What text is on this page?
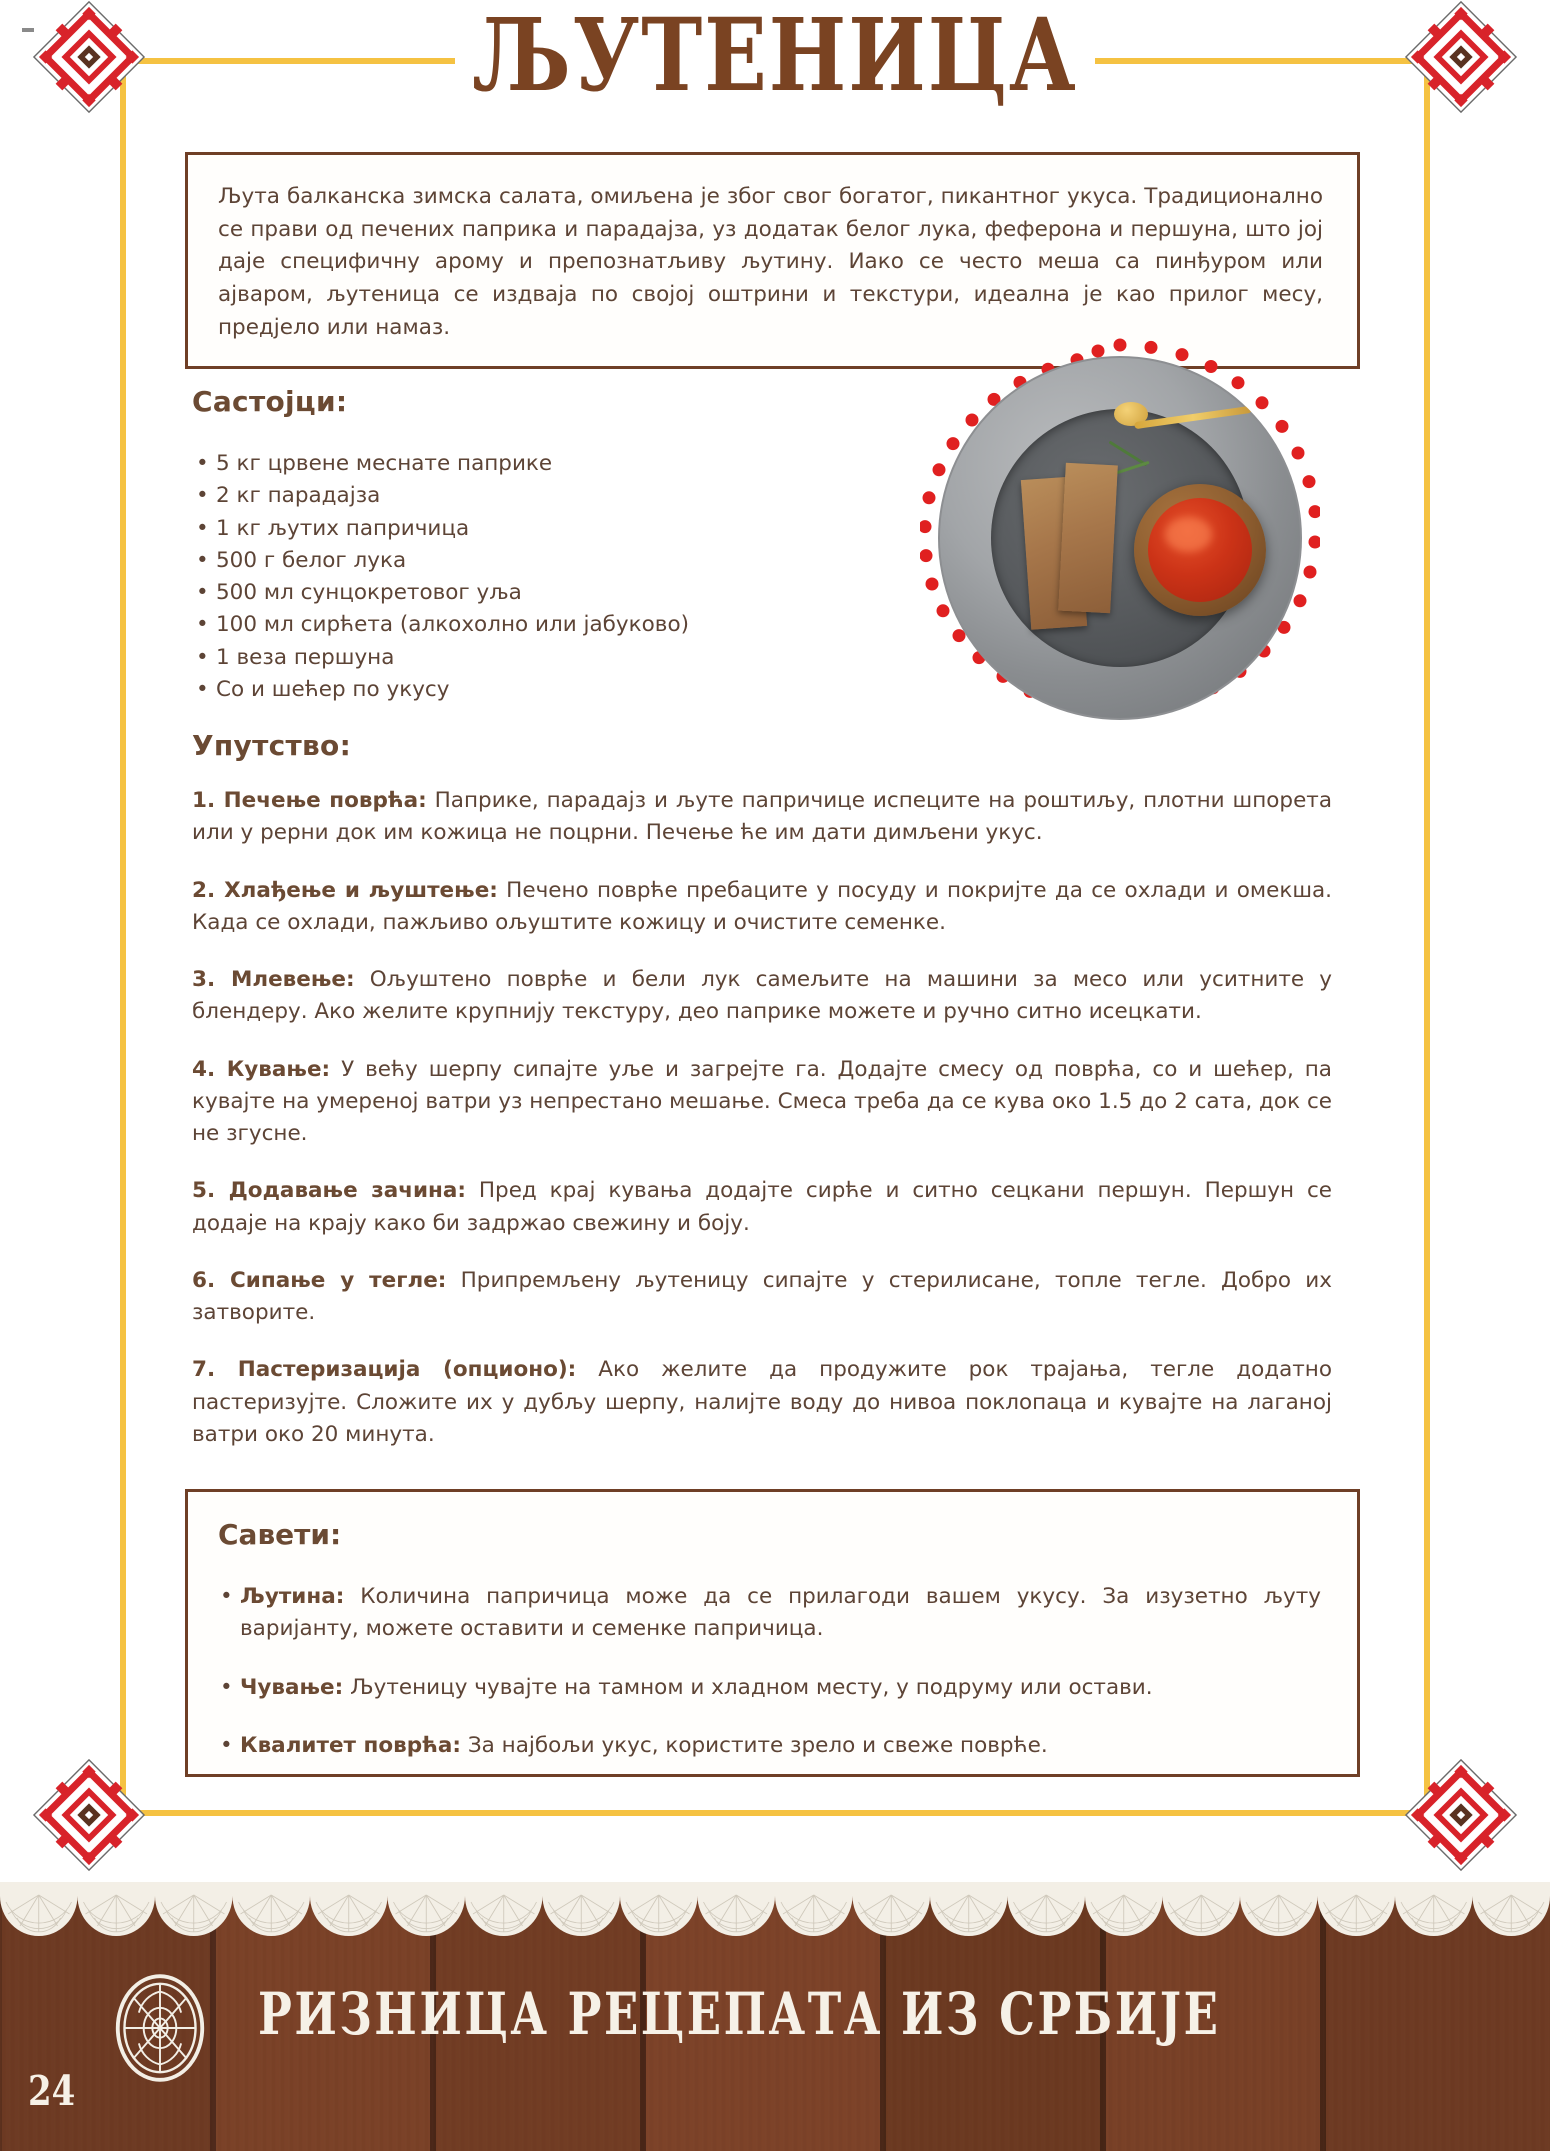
ЉУТЕНИЦА

Љута балканска зимска салата, омиљена је због свог богатог, пикантног укуса. Традиционално се прави од печених паприка и парадајза, уз додатак белог лука, феферона и першуна, што јој даје специфичну арому и препознатљиву љутину. Иако се често меша са пинђуром или ајваром, љутеница се издваја по својој оштрини и текстури, идеална је као прилог месу, предјело или намаз.

Састојци:
• 5 кг црвене меснате паприке
• 2 кг парадајза
• 1 кг љутих папричица
• 500 г белог лука
• 500 мл сунцокретовог уља
• 100 мл сирћета (алкохолно или јабуково)
• 1 веза першуна
• Со и шећер по укусу
Упутство:

1. Печење поврћа: Паприке, парадајз и љуте папричице испеците на роштиљу, плотни шпорета или у рерни док им кожица не поцрни. Печење ће им дати димљени укус.

2. Хлађење и љуштење: Печено поврће пребаците у посуду и покријте да се охлади и омекша. Када се охлади, пажљиво ољуштите кожицу и очистите семенке.

3. Млевење: Ољуштено поврће и бели лук самељите на машини за месо или уситните у блендеру. Ако желите крупнију текстуру, део паприке можете и ручно ситно исецкати.

4. Кување: У већу шерпу сипајте уље и загрејте га. Додајте смесу од поврћа, со и шећер, па кувајте на умереној ватри уз непрестано мешање. Смеса треба да се кува око 1.5 до 2 сата, док се не згусне.

5. Додавање зачина: Пред крај кувања додајте сирће и ситно сецкани першун. Першун се додаје на крају како би задржао свежину и боју.

6. Сипање у тегле: Припремљену љутеницу сипајте у стерилисане, топле тегле. Добро их затворите.

7. Пастеризација (опционо): Ако желите да продужите рок трајања, тегле додатно пастеризујте. Сложите их у дубљу шерпу, налијте воду до нивоа поклопаца и кувајте на лаганој ватри око 20 минута.

Савети:

• Љутина: Количина папричица може да се прилагоди вашем укусу. За изузетно љуту варијанту, можете оставити и семенке папричица.

• Чување: Љутеницу чувајте на тамном и хладном месту, у подруму или остави.

• Квалитет поврћа: За најбољи укус, користите зрело и свеже поврће.

РИЗНИЦА РЕЦЕПАТА ИЗ СРБИЈЕ
24
